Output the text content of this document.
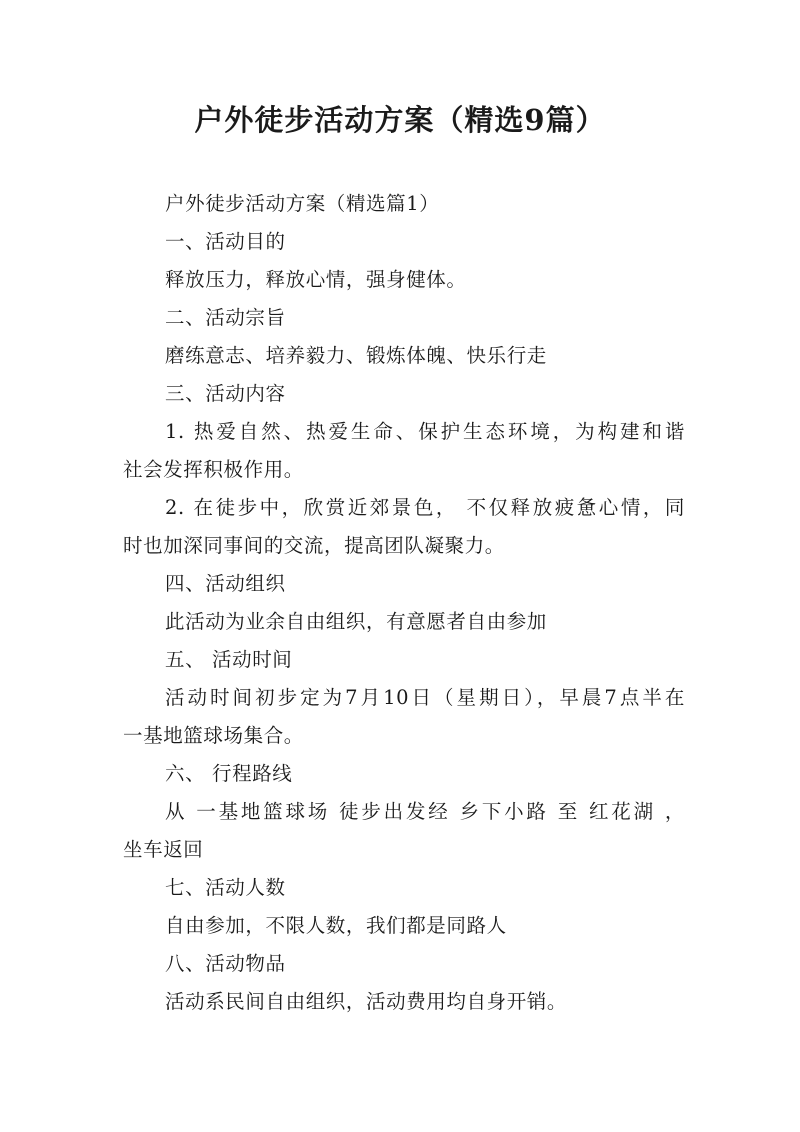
户外徒步活动方案（精选9篇）
户外徒步活动方案（精选篇1）
一、活动目的
释放压力，释放心情，强身健体。
二、活动宗旨
磨练意志、培养毅力、锻炼体魄、快乐行走
三、活动内容
1. 热爱自然、热爱生命、保护生态环境，为构建和谐
社会发挥积极作用。
2. 在徒步中，欣赏近郊景色， 不仅释放疲惫心情，同
时也加深同事间的交流，提高团队凝聚力。
四、活动组织
此活动为业余自由组织，有意愿者自由参加
五、 活动时间
活动时间初步定为7月10日（星期日），早晨7点半在
一基地篮球场集合。
六、 行程路线
从 一基地篮球场 徒步出发经 乡下小路 至 红花湖 ，
坐车返回
七、活动人数
自由参加，不限人数，我们都是同路人
八、活动物品
活动系民间自由组织，活动费用均自身开销。
